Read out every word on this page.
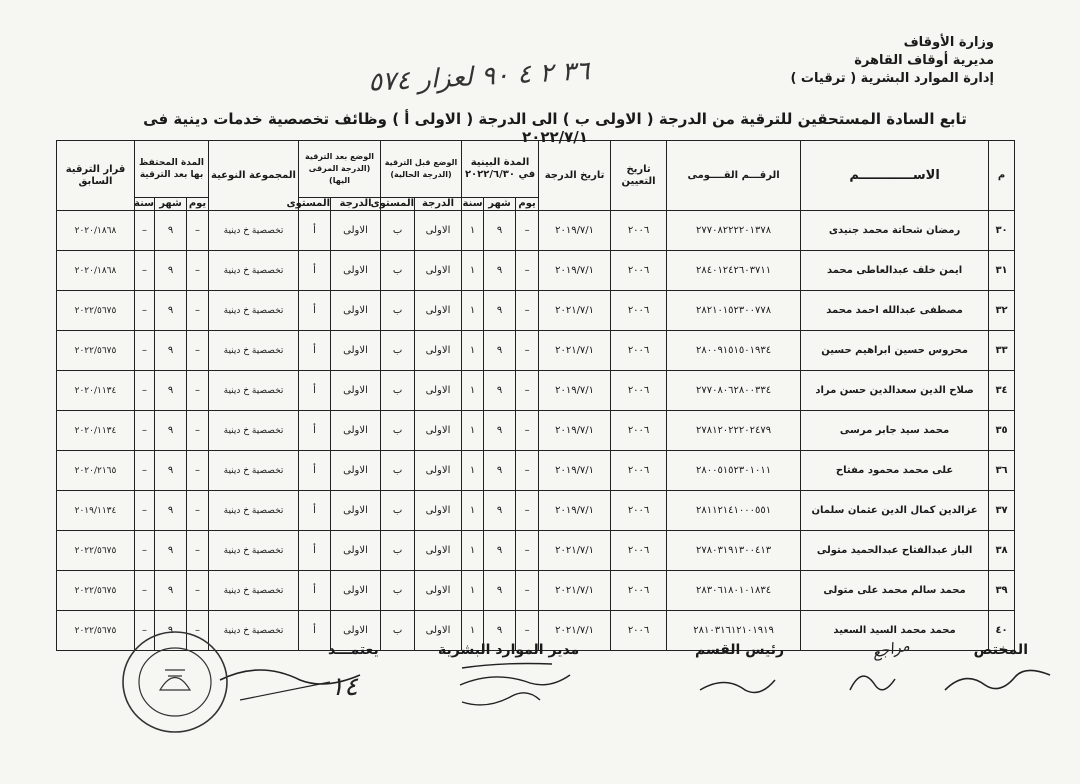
وزارة الأوقاف
مديرية أوقاف القاهرة
إدارة الموارد البشرية ( ترقيات )
٣٦ ٢ ٤ ٩٠ لعزار ٥٧٤
تابع السادة المستحقين للترقية من الدرجة ( الاولى ب ) الى الدرجة ( الاولى أ ) وظائف تخصصية خدمات دينية فى ٢٠٢٢/٧/١
م	الاســــــــــــم	الرقـــم القــــومى	تاريخ التعيين	تاريخ الدرجة	المدة البينية في ٢٠٢٢/٦/٣٠			الوضع قبل الترقية (الدرجة الحالية)		الوضع بعد الترقية (الدرجة المرقى اليها)		المجموعة النوعية	المدة المحتفظ بها بعد الترقية			قرار الترقية السابق
					يوم	شهر	سنة	الدرجة	المستوى	الدرجة	المستوى		يوم	شهر	سنة	
٣٠	رمضان شحاتة محمد جنيدى	٢٧٧٠٨٢٢٢٢٠١٣٧٨	٢٠٠٦	٢٠١٩/٧/١	–	٩	١	الاولى	ب	الاولى	أ	تخصصية خ دينية	–	٩	–	٢٠٢٠/١٨٦٨
٣١	ايمن خلف عبدالعاطى محمد	٢٨٤٠١٢٤٢٦٠٣٧١١	٢٠٠٦	٢٠١٩/٧/١	–	٩	١	الاولى	ب	الاولى	أ	تخصصية خ دينية	–	٩	–	٢٠٢٠/١٨٦٨
٣٢	مصطفى عبدالله احمد محمد	٢٨٢١٠١٥٢٣٠٠٧٧٨	٢٠٠٦	٢٠٢١/٧/١	–	٩	١	الاولى	ب	الاولى	أ	تخصصية خ دينية	–	٩	–	٢٠٢٢/٥٦٧٥
٣٣	محروس حسين ابراهيم حسين	٢٨٠٠٩١٥١٥٠١٩٣٤	٢٠٠٦	٢٠٢١/٧/١	–	٩	١	الاولى	ب	الاولى	أ	تخصصية خ دينية	–	٩	–	٢٠٢٢/٥٦٧٥
٣٤	صلاح الدين سعدالدين حسن مراد	٢٧٧٠٨٠٦٢٨٠٠٣٣٤	٢٠٠٦	٢٠١٩/٧/١	–	٩	١	الاولى	ب	الاولى	أ	تخصصية خ دينية	–	٩	–	٢٠٢٠/١١٣٤
٣٥	محمد سيد جابر مرسى	٢٧٨١٢٠٢٢٢٠٢٤٧٩	٢٠٠٦	٢٠١٩/٧/١	–	٩	١	الاولى	ب	الاولى	أ	تخصصية خ دينية	–	٩	–	٢٠٢٠/١١٣٤
٣٦	على محمد محمود مفتاح	٢٨٠٠٥١٥٢٣٠١٠١١	٢٠٠٦	٢٠١٩/٧/١	–	٩	١	الاولى	ب	الاولى	أ	تخصصية خ دينية	–	٩	–	٢٠٢٠/٢١٦٥
٣٧	عزالدين كمال الدين عثمان سلمان	٢٨١١٢١٤١٠٠٠٥٥١	٢٠٠٦	٢٠١٩/٧/١	–	٩	١	الاولى	ب	الاولى	أ	تخصصية خ دينية	–	٩	–	٢٠١٩/١١٣٤
٣٨	الباز عبدالفتاح عبدالحميد متولى	٢٧٨٠٣١٩١٣٠٠٤١٣	٢٠٠٦	٢٠٢١/٧/١	–	٩	١	الاولى	ب	الاولى	أ	تخصصية خ دينية	–	٩	–	٢٠٢٢/٥٦٧٥
٣٩	محمد سالم محمد على متولى	٢٨٣٠٦١٨٠١٠١٨٣٤	٢٠٠٦	٢٠٢١/٧/١	–	٩	١	الاولى	ب	الاولى	أ	تخصصية خ دينية	–	٩	–	٢٠٢٢/٥٦٧٥
٤٠	محمد محمد السيد السعيد	٢٨١٠٣١٦١٢١٠١٩١٩	٢٠٠٦	٢٠٢١/٧/١	–	٩	١	الاولى	ب	الاولى	أ	تخصصية خ دينية	–	٩	–	٢٠٢٢/٥٦٧٥
المختص
مراجع
رئيس القسم
مدير الموارد البشرية
يعتمـــد
١٤
